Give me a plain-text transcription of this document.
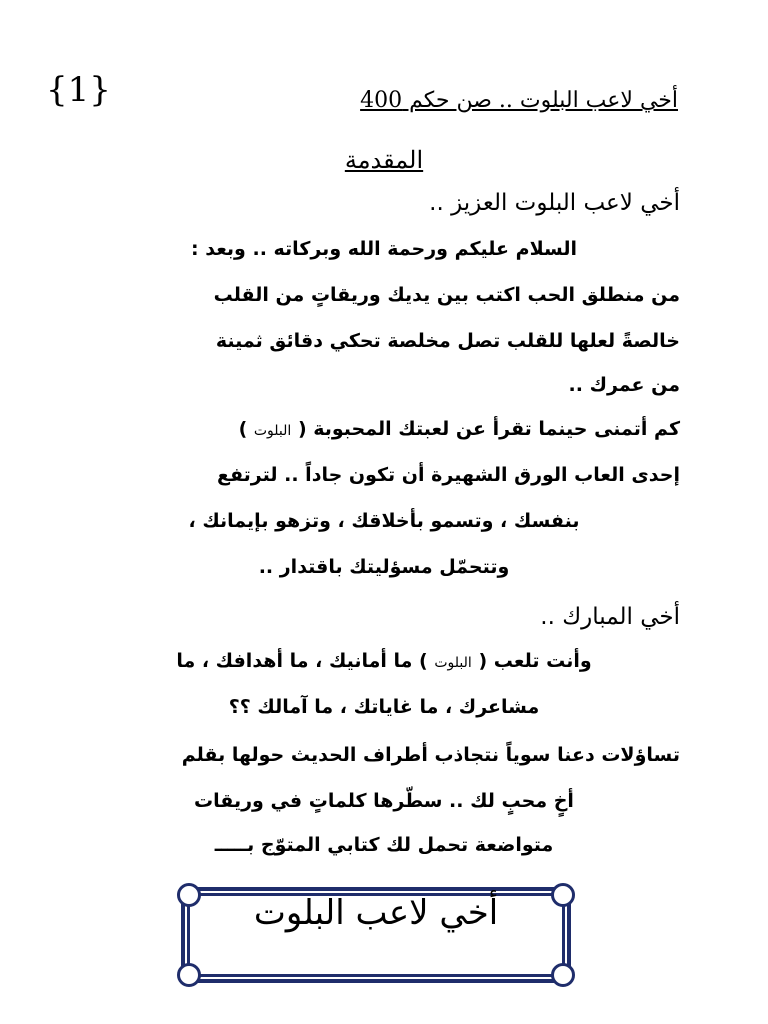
{1}	أخي لاعب البلوت .. صن حكم 400
المقدمة
أخي لاعب البلوت العزيز ..
السلام عليكم ورحمة الله وبركاته .. وبعد :
من منطلق الحب اكتب بين يديك وريقاتٍ من القلب
خالصةً لعلها للقلب تصل مخلصة تحكي دقائق ثمينة
من عمرك ..
كم أتمنى حينما تقرأ عن لعبتك المحبوبة ( البلوت )
إحدى العاب الورق الشهيرة أن تكون جاداً .. لترتفع
بنفسك ، وتسمو بأخلاقك ، وتزهو بإيمانك ،
وتتحمّل مسؤليتك باقتدار ..
أخي المبارك ..
وأنت تلعب ( البلوت ) ما أمانيك ، ما أهدافك ، ما
مشاعرك ، ما غاياتك ، ما آمالك ؟؟
تساؤلات دعنا سوياً نتجاذب أطراف الحديث حولها بقلم
أخٍ محبٍ لك .. سطّرها كلماتٍ في وريقات
متواضعة تحمل لك كتابي المتوّج بـــــ
أخي لاعب البلوت
